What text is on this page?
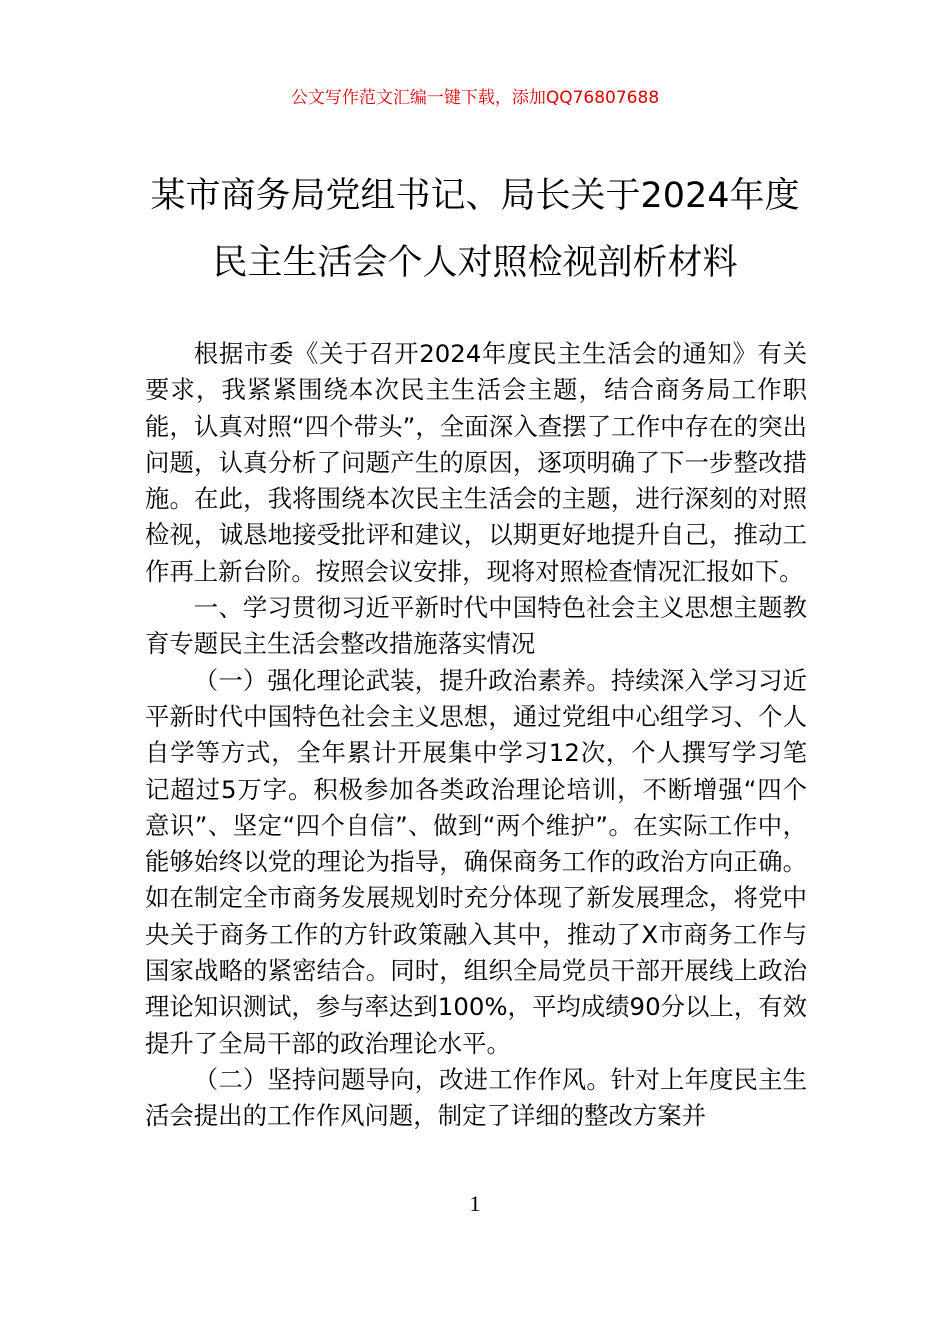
公文写作范文汇编一键下载，添加QQ76807688
某市商务局党组书记、局长关于2024年度
民主生活会个人对照检视剖析材料

根据市委《关于召开2024年度民主生活会的通知》有关要求，我紧紧围绕本次民主生活会主题，结合商务局工作职能，认真对照“四个带头”，全面深入查摆了工作中存在的突出问题，认真分析了问题产生的原因，逐项明确了下一步整改措施。在此，我将围绕本次民主生活会的主题，进行深刻的对照检视，诚恳地接受批评和建议，以期更好地提升自己，推动工作再上新台阶。按照会议安排，现将对照检查情况汇报如下。

一、学习贯彻习近平新时代中国特色社会主义思想主题教育专题民主生活会整改措施落实情况

（一）强化理论武装，提升政治素养。持续深入学习习近平新时代中国特色社会主义思想，通过党组中心组学习、个人自学等方式，全年累计开展集中学习12次，个人撰写学习笔记超过5万字。积极参加各类政治理论培训，不断增强“四个意识”、坚定“四个自信”、做到“两个维护”。在实际工作中，能够始终以党的理论为指导，确保商务工作的政治方向正确。如在制定全市商务发展规划时充分体现了新发展理念，将党中央关于商务工作的方针政策融入其中，推动了X市商务工作与国家战略的紧密结合。同时，组织全局党员干部开展线上政治理论知识测试，参与率达到100%，平均成绩90分以上，有效提升了全局干部的政治理论水平。

（二）坚持问题导向，改进工作作风。针对上年度民主生活会提出的工作作风问题，制定了详细的整改方案并

1
